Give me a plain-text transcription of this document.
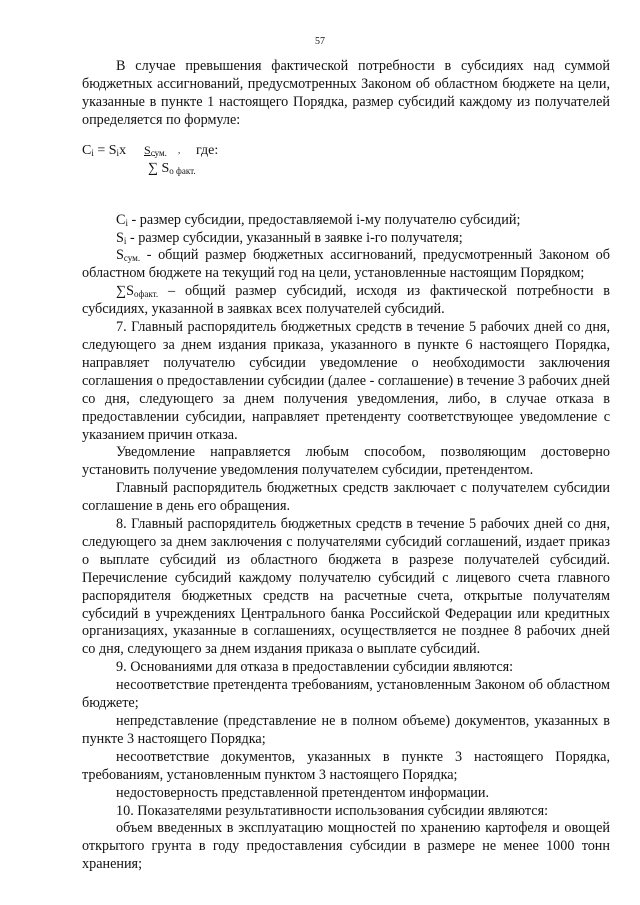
57

В случае превышения фактической потребности в субсидиях над суммой бюджетных ассигнований, предусмотренных Законом об областном бюджете на цели, указанные в пункте 1 настоящего Порядка, размер субсидий каждому из получателей определяется по формуле:

$C_i = S_ix$ $S_{сум.}$ , где:
∑ $S_{о факт.}$

$C_i$ - размер субсидии, предоставляемой i-му получателю субсидий;

$S_i$ - размер субсидии, указанный в заявке i-го получателя;

$S_{сум.}$ - общий размер бюджетных ассигнований, предусмотренный Законом об областном бюджете на текущий год на цели, установленные настоящим Порядком;

$\sum S_{офакт.}$ – общий размер субсидий, исходя из фактической потребности в субсидиях, указанной в заявках всех получателей субсидий.

7. Главный распорядитель бюджетных средств в течение 5 рабочих дней со дня, следующего за днем издания приказа, указанного в пункте 6 настоящего Порядка, направляет получателю субсидии уведомление о необходимости заключения соглашения о предоставлении субсидии (далее - соглашение) в течение 3 рабочих дней со дня, следующего за днем получения уведомления, либо, в случае отказа в предоставлении субсидии, направляет претенденту соответствующее уведомление с указанием причин отказа.

Уведомление направляется любым способом, позволяющим достоверно установить получение уведомления получателем субсидии, претендентом.

Главный распорядитель бюджетных средств заключает с получателем субсидии соглашение в день его обращения.

8. Главный распорядитель бюджетных средств в течение 5 рабочих дней со дня, следующего за днем заключения с получателями субсидий соглашений, издает приказ о выплате субсидий из областного бюджета в разрезе получателей субсидий. Перечисление субсидий каждому получателю субсидий с лицевого счета главного распорядителя бюджетных средств на расчетные счета, открытые получателям субсидий в учреждениях Центрального банка Российской Федерации или кредитных организациях, указанные в соглашениях, осуществляется не позднее 8 рабочих дней со дня, следующего за днем издания приказа о выплате субсидий.

9. Основаниями для отказа в предоставлении субсидии являются:

несоответствие претендента требованиям, установленным Законом об областном бюджете;

непредставление (представление не в полном объеме) документов, указанных в пункте 3 настоящего Порядка;

несоответствие документов, указанных в пункте 3 настоящего Порядка, требованиям, установленным пунктом 3 настоящего Порядка;

недостоверность представленной претендентом информации.

10. Показателями результативности использования субсидии являются:

объем введенных в эксплуатацию мощностей по хранению картофеля и овощей открытого грунта в году предоставления субсидии в размере не менее 1000 тонн хранения;
